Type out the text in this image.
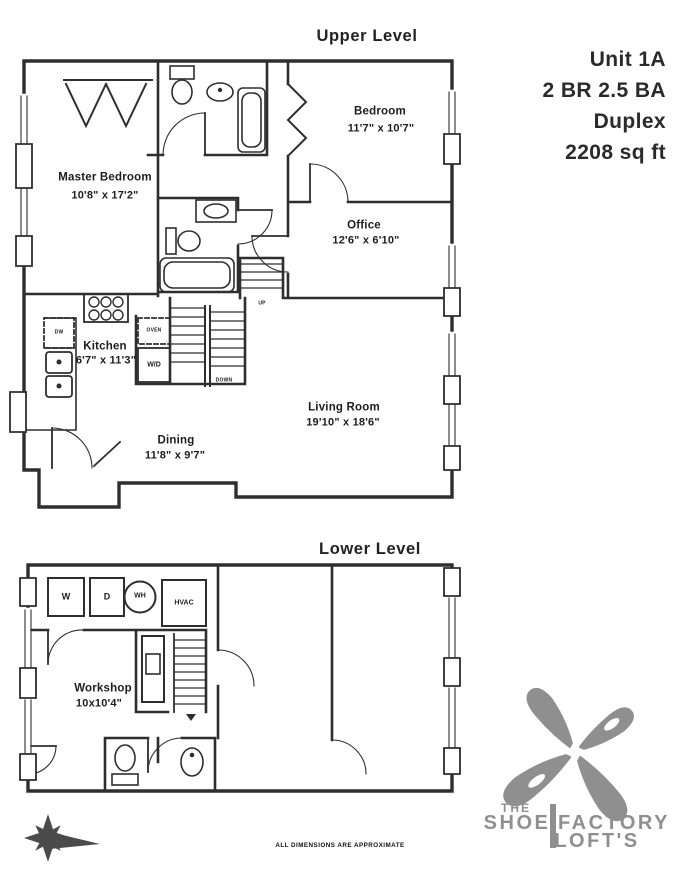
Upper Level
Lower Level
Unit 1A
2 BR 2.5 BA
Duplex
2208 sq ft
Master Bedroom
10'8" x 17'2"
Bedroom
11'7" x 10'7"
Office
12'6" x 6'10"
Kitchen
6'7" x 11'3"
Living Room
19'10" x 18'6"
Dining
11'8" x 9'7"
DW	OVEN
W/D
DOWN
UP
W	D	WH
HVAC
Workshop
10x10'4"
ALL DIMENSIONS ARE APPROXIMATE
THE
SHOE FACTORY
LOFT'S
